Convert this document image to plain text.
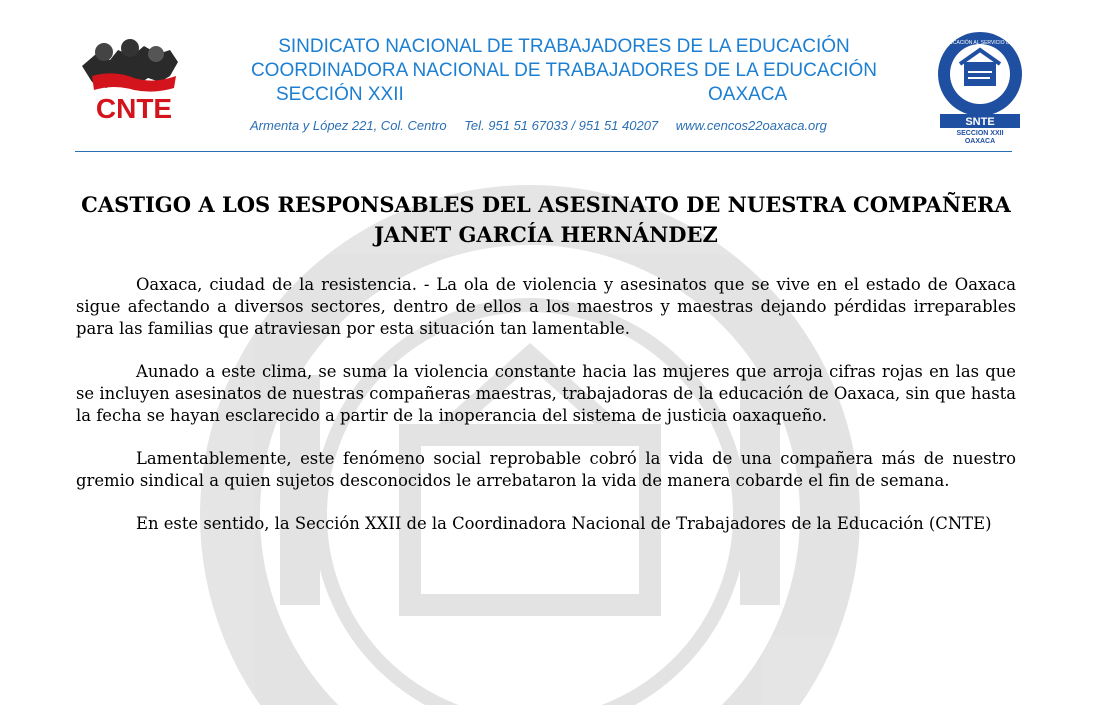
CNTE
SINDICATO NACIONAL DE TRABAJADORES DE LA EDUCACIÓN
COORDINADORA NACIONAL DE TRABAJADORES DE LA EDUCACIÓN
SECCIÓN XXII	OAXACA
Armenta y López 221, Col. Centro Tel. 951 51 67033 / 951 51 40207 www.cencos22oaxaca.org
POR LA EDUCACIÓN AL SERVICIO DEL PUEBLO
SNTE
SECCION XXII
OAXACA
CASTIGO A LOS RESPONSABLES DEL ASESINATO DE NUESTRA COMPAÑERA
JANET GARCÍA HERNÁNDEZ

Oaxaca, ciudad de la resistencia. - La ola de violencia y asesinatos que se vive en el estado de Oaxaca sigue afectando a diversos sectores, dentro de ellos a los maestros y maestras dejando pérdidas irreparables para las familias que atraviesan por esta situación tan lamentable.

Aunado a este clima, se suma la violencia constante hacia las mujeres que arroja cifras rojas en las que se incluyen asesinatos de nuestras compañeras maestras, trabajadoras de la educación de Oaxaca, sin que hasta la fecha se hayan esclarecido a partir de la inoperancia del sistema de justicia oaxaqueño.

Lamentablemente, este fenómeno social reprobable cobró la vida de una compañera más de nuestro gremio sindical a quien sujetos desconocidos le arrebataron la vida de manera cobarde el fin de semana.

En este sentido, la Sección XXII de la Coordinadora Nacional de Trabajadores de la Educación (CNTE)
